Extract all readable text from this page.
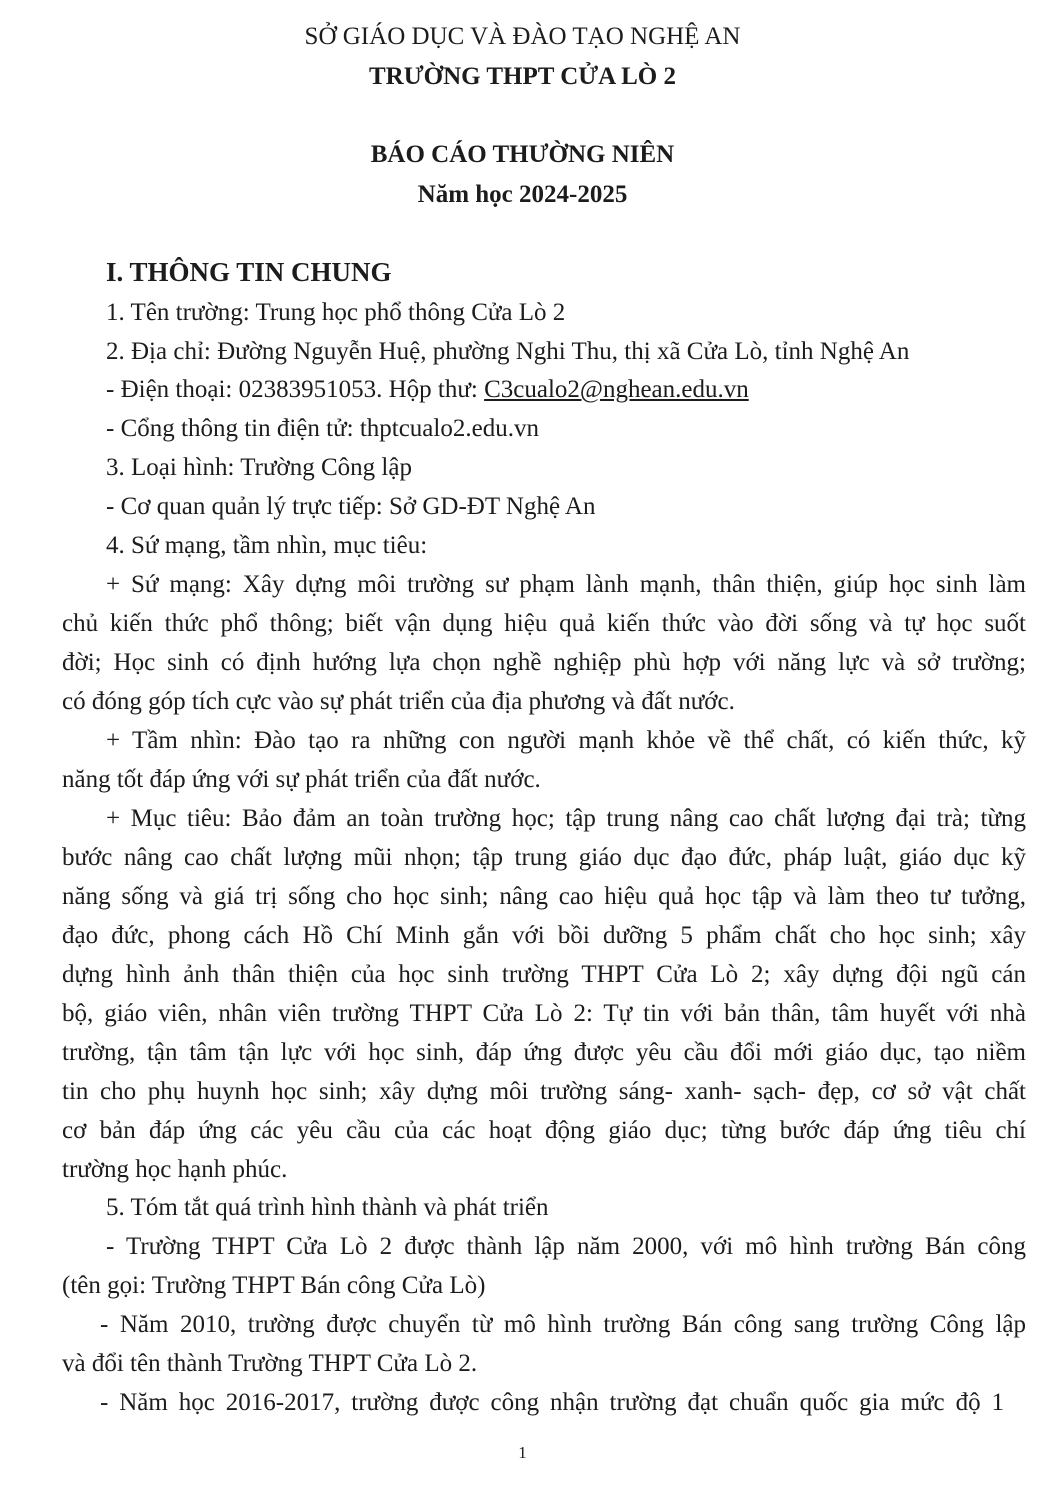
SỞ GIÁO DỤC VÀ ĐÀO TẠO NGHỆ AN
TRƯỜNG THPT CỬA LÒ 2
BÁO CÁO THƯỜNG NIÊN
Năm học 2024-2025
I. THÔNG TIN CHUNG
1. Tên trường: Trung học phổ thông Cửa Lò 2
2. Địa chỉ: Đường Nguyễn Huệ, phường Nghi Thu, thị xã Cửa Lò, tỉnh Nghệ An
- Điện thoại: 02383951053. Hộp thư: C3cualo2@nghean.edu.vn
- Cổng thông tin điện tử: thptcualo2.edu.vn
3. Loại hình: Trường Công lập
- Cơ quan quản lý trực tiếp: Sở GD-ĐT Nghệ An
4. Sứ mạng, tầm nhìn, mục tiêu:
+ Sứ mạng: Xây dựng môi trường sư phạm lành mạnh, thân thiện, giúp học sinh làm
chủ kiến thức phổ thông; biết vận dụng hiệu quả kiến thức vào đời sống và tự học suốt
đời; Học sinh có định hướng lựa chọn nghề nghiệp phù hợp với năng lực và sở trường;
có đóng góp tích cực vào sự phát triển của địa phương và đất nước.
+ Tầm nhìn: Đào tạo ra những con người mạnh khỏe về thể chất, có kiến thức, kỹ
năng tốt đáp ứng với sự phát triển của đất nước.
+ Mục tiêu: Bảo đảm an toàn trường học; tập trung nâng cao chất lượng đại trà; từng
bước nâng cao chất lượng mũi nhọn; tập trung giáo dục đạo đức, pháp luật, giáo dục kỹ
năng sống và giá trị sống cho học sinh; nâng cao hiệu quả học tập và làm theo tư tưởng,
đạo đức, phong cách Hồ Chí Minh gắn với bồi dưỡng 5 phẩm chất cho học sinh; xây
dựng hình ảnh thân thiện của học sinh trường THPT Cửa Lò 2; xây dựng đội ngũ cán
bộ, giáo viên, nhân viên trường THPT Cửa Lò 2: Tự tin với bản thân, tâm huyết với nhà
trường, tận tâm tận lực với học sinh, đáp ứng được yêu cầu đổi mới giáo dục, tạo niềm
tin cho phụ huynh học sinh; xây dựng môi trường sáng- xanh- sạch- đẹp, cơ sở vật chất
cơ bản đáp ứng các yêu cầu của các hoạt động giáo dục; từng bước đáp ứng tiêu chí
trường học hạnh phúc.
5. Tóm tắt quá trình hình thành và phát triển
- Trường THPT Cửa Lò 2 được thành lập năm 2000, với mô hình trường Bán công
(tên gọi: Trường THPT Bán công Cửa Lò)
- Năm 2010, trường được chuyển từ mô hình trường Bán công sang trường Công lập
và đổi tên thành Trường THPT Cửa Lò 2.
- Năm học 2016-2017, trường được công nhận trường đạt chuẩn quốc gia mức độ 1
1
